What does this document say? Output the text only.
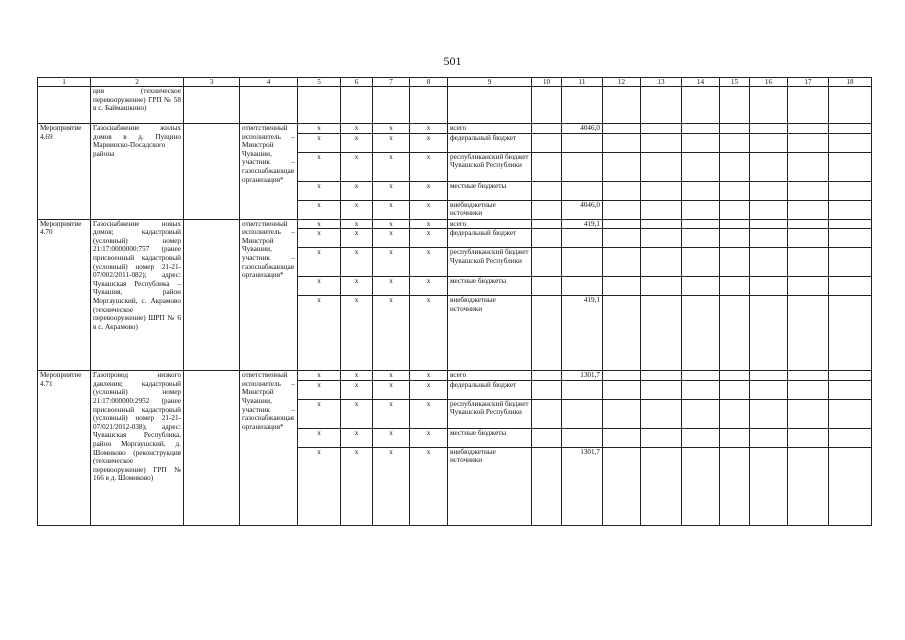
501
1	2	3	4	5	6	7	8	9	10	11	12	13	14	15	16	17	18
	ция (техническое перевооружение) ГРП № 58 в с. Баймашкино)																
Мероприятие 4.69	Газоснабжение жилых домов в д. Пущино Мариинско-Посадского района		ответственный исполнитель – Минстрой Чувашии, участник – газоснабжающая организация*	x	x	x	x	всего		4046,0							
				x	x	x	x	федеральный бюджет									
				x	x	x	x	республиканский бюджет Чувашской Республики									
				x	x	x	x	местные бюджеты									
				x	x	x	x	внебюджетные источники		4046,0							
Мероприятие 4.70	Газоснабжение новых домов; кадастровый (условный) номер 21:17:0000000:757 (ранее присвоенный кадастровый (условный) номер 21-21-07/002/2011-082); адрес: Чувашская Республика – Чувашия, район Моргаушский, с. Акрамово (техническое перевооружение) ШРП № 6 в с. Акрамово)		ответственный исполнитель – Минстрой Чувашии, участник – газоснабжающая организация*	x	x	x	x	всего		419,1							
				x	x	x	x	федеральный бюджет									
				x	x	x	x	республиканский бюджет Чувашской Республики									
				x	x	x	x	местные бюджеты									
				x	x	x	x	внебюджетные источники		419,1							
Мероприятие 4.71	Газопровод низкого давления; кадастровый (условный) номер 21:17:000000:2952 (ранее присвоенный кадастровый (условный) номер 21-21-07/021/2012-038); адрес: Чувашская Республика, район Моргаушский, д. Шомиково (реконструкция (техническое перевооружение) ГРП № 166 в д. Шомиково)		ответственный исполнитель – Минстрой Чувашии, участник – газоснабжающая организация*	x	x	x	x	всего		1301,7							
				x	x	x	x	федеральный бюджет									
				x	x	x	x	республиканский бюджет Чувашской Республики									
				x	x	x	x	местные бюджеты									
				x	x	x	x	внебюджетные источники		1301,7							
